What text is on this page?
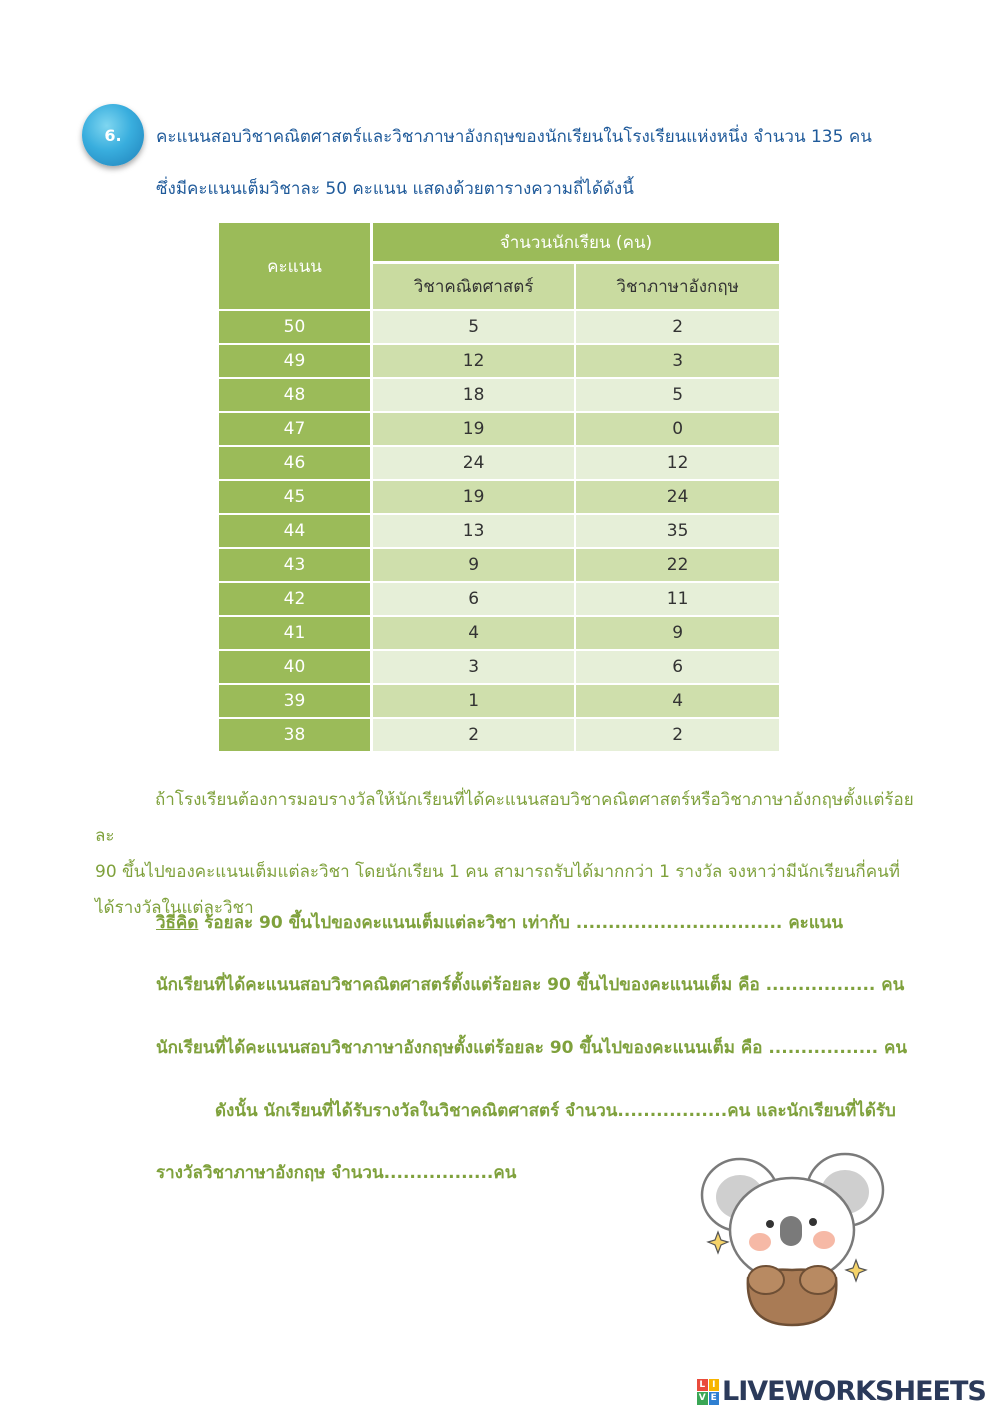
6.	คะแนนสอบวิชาคณิตศาสตร์และวิชาภาษาอังกฤษของนักเรียนในโรงเรียนแห่งหนึ่ง จำนวน 135 คน
ซึ่งมีคะแนนเต็มวิชาละ 50 คะแนน แสดงด้วยตารางความถี่ได้ดังนี้
คะแนน	จำนวนนักเรียน (คน)	
	วิชาคณิตศาสตร์	วิชาภาษาอังกฤษ
50	5	2
49	12	3
48	18	5
47	19	0
46	24	12
45	19	24
44	13	35
43	9	22
42	6	11
41	4	9
40	3	6
39	1	4
38	2	2
ถ้าโรงเรียนต้องการมอบรางวัลให้นักเรียนที่ได้คะแนนสอบวิชาคณิตศาสตร์หรือวิชาภาษาอังกฤษตั้งแต่ร้อยละ
90 ขึ้นไปของคะแนนเต็มแต่ละวิชา โดยนักเรียน 1 คน สามารถรับได้มากกว่า 1 รางวัล จงหาว่ามีนักเรียนกี่คนที่
ได้รางวัลในแต่ละวิชา
วิธีคิด ร้อยละ 90 ขึ้นไปของคะแนนเต็มแต่ละวิชา เท่ากับ ................................ คะแนน
นักเรียนที่ได้คะแนนสอบวิชาคณิตศาสตร์ตั้งแต่ร้อยละ 90 ขึ้นไปของคะแนนเต็ม คือ ................. คน
นักเรียนที่ได้คะแนนสอบวิชาภาษาอังกฤษตั้งแต่ร้อยละ 90 ขึ้นไปของคะแนนเต็ม คือ ................. คน
ดังนั้น นักเรียนที่ได้รับรางวัลในวิชาคณิตศาสตร์ จำนวน.................คน และนักเรียนที่ได้รับ
รางวัลวิชาภาษาอังกฤษ จำนวน.................คน
L I
V E LIVEWORKSHEETS
